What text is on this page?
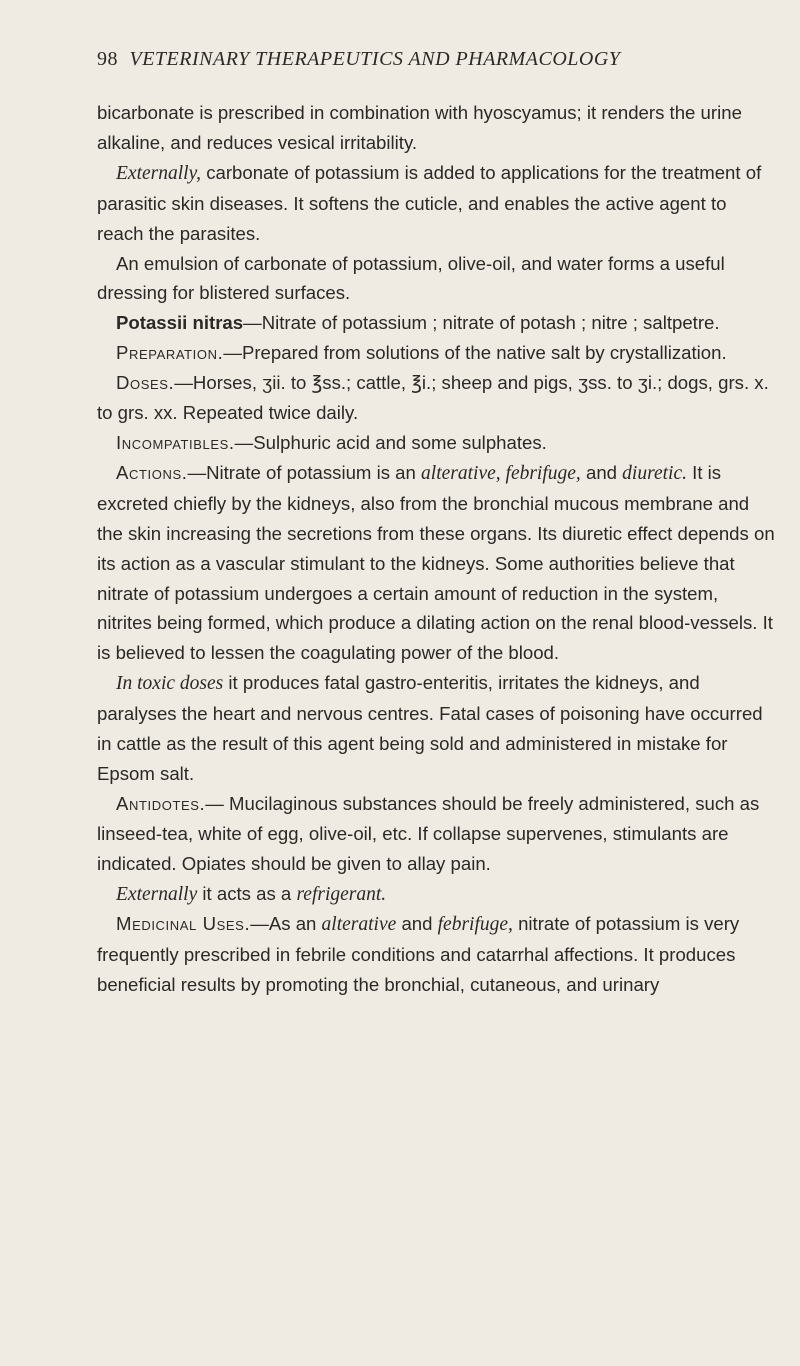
98 VETERINARY THERAPEUTICS AND PHARMACOLOGY

bicarbonate is prescribed in combination with hyoscyamus; it renders the urine alkaline, and reduces vesical irritability.

Externally, carbonate of potassium is added to applications for the treatment of parasitic skin diseases. It softens the cuticle, and enables the active agent to reach the parasites.

An emulsion of carbonate of potassium, olive-oil, and water forms a useful dressing for blistered surfaces.

Potassii nitras—Nitrate of potassium ; nitrate of potash ; nitre ; saltpetre.

Preparation.—Prepared from solutions of the native salt by crystallization.

Doses.—Horses, ʒii. to ℥ss.; cattle, ℥i.; sheep and pigs, ʒss. to ʒi.; dogs, grs. x. to grs. xx. Repeated twice daily.

Incompatibles.—Sulphuric acid and some sulphates.

Actions.—Nitrate of potassium is an alterative, febrifuge, and diuretic. It is excreted chiefly by the kidneys, also from the bronchial mucous membrane and the skin increasing the secretions from these organs. Its diuretic effect depends on its action as a vascular stimulant to the kidneys. Some authorities believe that nitrate of potassium undergoes a certain amount of reduction in the system, nitrites being formed, which produce a dilating action on the renal blood-vessels. It is believed to lessen the coagulating power of the blood.

In toxic doses it produces fatal gastro-enteritis, irritates the kidneys, and paralyses the heart and nervous centres. Fatal cases of poisoning have occurred in cattle as the result of this agent being sold and administered in mistake for Epsom salt.

Antidotes.— Mucilaginous substances should be freely administered, such as linseed-tea, white of egg, olive-oil, etc. If collapse supervenes, stimulants are indicated. Opiates should be given to allay pain.

Externally it acts as a refrigerant.

Medicinal Uses.—As an alterative and febrifuge, nitrate of potassium is very frequently prescribed in febrile conditions and catarrhal affections. It produces beneficial results by promoting the bronchial, cutaneous, and urinary
